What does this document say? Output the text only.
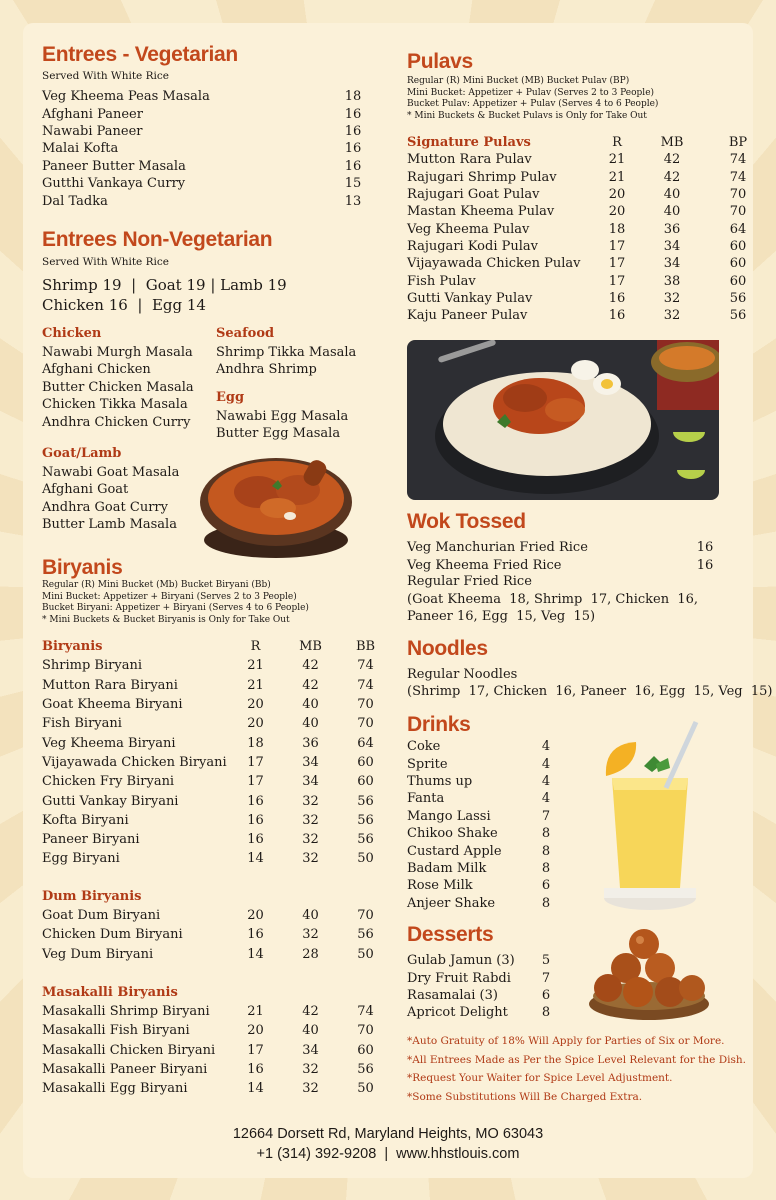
Entrees - Vegetarian
Served With White Rice
Veg Kheema Peas Masala	18
Afghani Paneer	16
Nawabi Paneer	16
Malai Kofta	16
Paneer Butter Masala	16
Gutthi Vankaya Curry	15
Dal Tadka	13
Entrees Non-Vegetarian
Served With White Rice
Shrimp 19  |  Goat 19 | Lamb 19
Chicken 16  |  Egg 14
Chicken
Nawabi Murgh Masala
Afghani Chicken
Butter Chicken Masala
Chicken Tikka Masala
Andhra Chicken Curry
Seafood
Shrimp Tikka Masala
Andhra Shrimp
Egg
Nawabi Egg Masala
Butter Egg Masala
Goat/Lamb
Nawabi Goat Masala
Afghani Goat
Andhra Goat Curry
Butter Lamb Masala
Biryanis
Regular (R) Mini Bucket (Mb) Bucket Biryani (Bb)
Mini Bucket: Appetizer + Biryani (Serves 2 to 3 People)
Bucket Biryani: Appetizer + Biryani (Serves 4 to 6 People)
* Mini Buckets & Bucket Biryanis is Only for Take Out
Biryanis	R	MB	BB
Shrimp Biryani	21	42	74
Mutton Rara Biryani	21	42	74
Goat Kheema Biryani	20	40	70
Fish Biryani	20	40	70
Veg Kheema Biryani	18	36	64
Vijayawada Chicken Biryani	17	34	60
Chicken Fry Biryani	17	34	60
Gutti Vankay Biryani	16	32	56
Kofta Biryani	16	32	56
Paneer Biryani	16	32	56
Egg Biryani	14	32	50
Dum Biryanis
Goat Dum Biryani	20	40	70
Chicken Dum Biryani	16	32	56
Veg Dum Biryani	14	28	50
Masakalli Biryanis
Masakalli Shrimp Biryani	21	42	74
Masakalli Fish Biryani	20	40	70
Masakalli Chicken Biryani	17	34	60
Masakalli Paneer Biryani	16	32	56
Masakalli Egg Biryani	14	32	50
Pulavs
Regular (R) Mini Bucket (MB) Bucket Pulav (BP)
Mini Bucket: Appetizer + Pulav (Serves 2 to 3 People)
Bucket Pulav: Appetizer + Pulav (Serves 4 to 6 People)
* Mini Buckets & Bucket Pulavs is Only for Take Out
Signature Pulavs	R	MB	BP
Mutton Rara Pulav	21	42	74
Rajugari Shrimp Pulav	21	42	74
Rajugari Goat Pulav	20	40	70
Mastan Kheema Pulav	20	40	70
Veg Kheema Pulav	18	36	64
Rajugari Kodi Pulav	17	34	60
Vijayawada Chicken Pulav	17	34	60
Fish Pulav	17	38	60
Gutti Vankay Pulav	16	32	56
Kaju Paneer Pulav	16	32	56
Wok Tossed
Veg Manchurian Fried Rice	16
Veg Kheema Fried Rice	16
Regular Fried Rice
(Goat Kheema  18, Shrimp  17, Chicken  16,
Paneer 16, Egg  15, Veg  15)
Noodles
Regular Noodles
(Shrimp  17, Chicken  16, Paneer  16, Egg  15, Veg  15)
Drinks
Coke	4
Sprite	4
Thums up	4
Fanta	4
Mango Lassi	7
Chikoo Shake	8
Custard Apple	8
Badam Milk	8
Rose Milk	6
Anjeer Shake	8
Desserts
Gulab Jamun (3)	5
Dry Fruit Rabdi	7
Rasamalai (3)	6
Apricot Delight	8
*Auto Gratuity of 18% Will Apply for Parties of Six or More.
*All Entrees Made as Per the Spice Level Relevant for the Dish.
*Request Your Waiter for Spice Level Adjustment.
*Some Substitutions Will Be Charged Extra.
12664 Dorsett Rd, Maryland Heights, MO 63043
+1 (314) 392-9208  |  www.hhstlouis.com
